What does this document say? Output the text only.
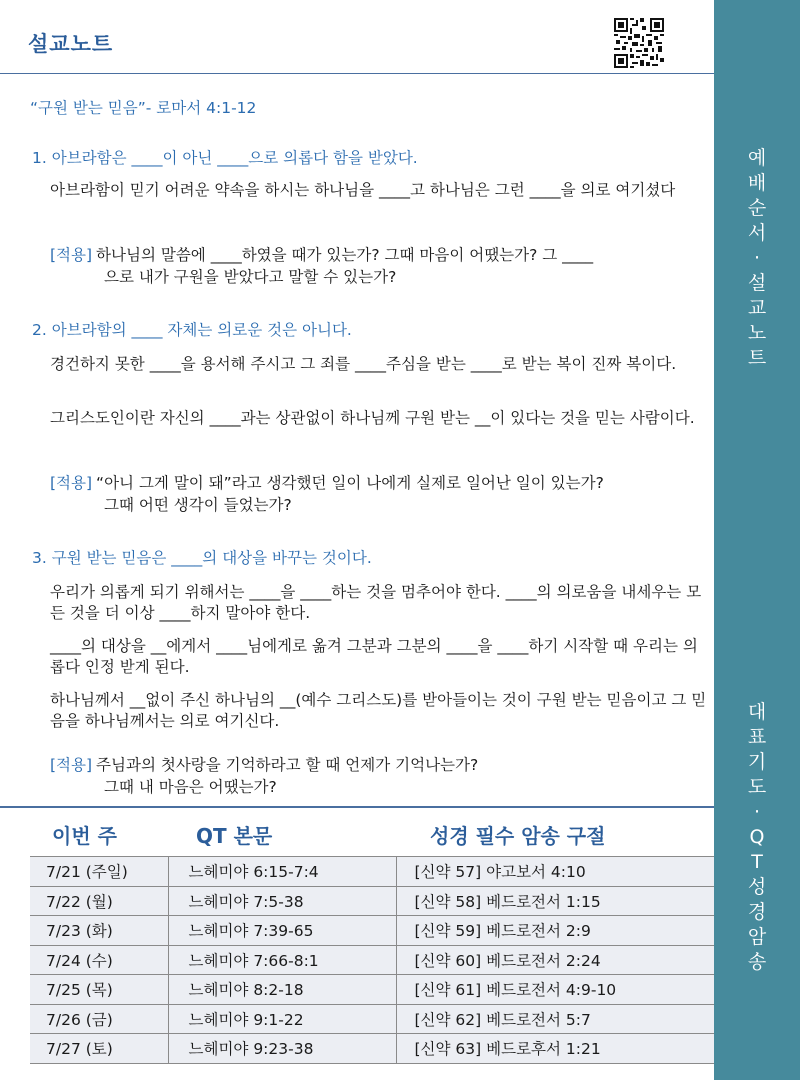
설교노트
예
배
순
서
·
설
교
노
트
대
표
기
도
·
Q
T
성
경
암
송
“구원 받는 믿음”- 로마서 4:1-12
1. 아브라함은 ____이 아닌 ____으로 의롭다 함을 받았다.
아브라함이 믿기 어려운 약속을 하시는 하나님을 ____고 하나님은 그런 ____을 의로 여기셨다
[적용] 하나님의 말씀에 ____하였을 때가 있는가? 그때 마음이 어땠는가? 그 ____
으로 내가 구원을 받았다고 말할 수 있는가?
2. 아브라함의 ____ 자체는 의로운 것은 아니다.
경건하지 못한 ____을 용서해 주시고 그 죄를 ____주심을 받는 ____로 받는 복이 진짜 복이다.
그리스도인이란 자신의 ____과는 상관없이 하나님께 구원 받는 __이 있다는 것을 믿는 사람이다.
[적용] “아니 그게 말이 돼”라고 생각했던 일이 나에게 실제로 일어난 일이 있는가?
그때 어떤 생각이 들었는가?
3. 구원 받는 믿음은 ____의 대상을 바꾸는 것이다.
우리가 의롭게 되기 위해서는 ____을 ____하는 것을 멈추어야 한다. ____의 의로움을 내세우는 모든 것을 더 이상 ____하지 말아야 한다.
____의 대상을 __에게서 ____님에게로 옮겨 그분과 그분의 ____을 ____하기 시작할 때 우리는 의롭다 인정 받게 된다.
하나님께서 __없이 주신 하나님의 __(예수 그리스도)를 받아들이는 것이 구원 받는 믿음이고 그 믿음을 하나님께서는 의로 여기신다.
[적용] 주님과의 첫사랑을 기억하라고 할 때 언제가 기억나는가?
그때 내 마음은 어땠는가?
이번 주	QT 본문	성경 필수 암송 구절
7/21 (주일)	느헤미야 6:15-7:4	[신약 57] 야고보서 4:10
7/22 (월)	느헤미야 7:5-38	[신약 58] 베드로전서 1:15
7/23 (화)	느헤미야 7:39-65	[신약 59] 베드로전서 2:9
7/24 (수)	느헤미야 7:66-8:1	[신약 60] 베드로전서 2:24
7/25 (목)	느헤미야 8:2-18	[신약 61] 베드로전서 4:9-10
7/26 (금)	느헤미야 9:1-22	[신약 62] 베드로전서 5:7
7/27 (토)	느헤미야 9:23-38	[신약 63] 베드로후서 1:21
